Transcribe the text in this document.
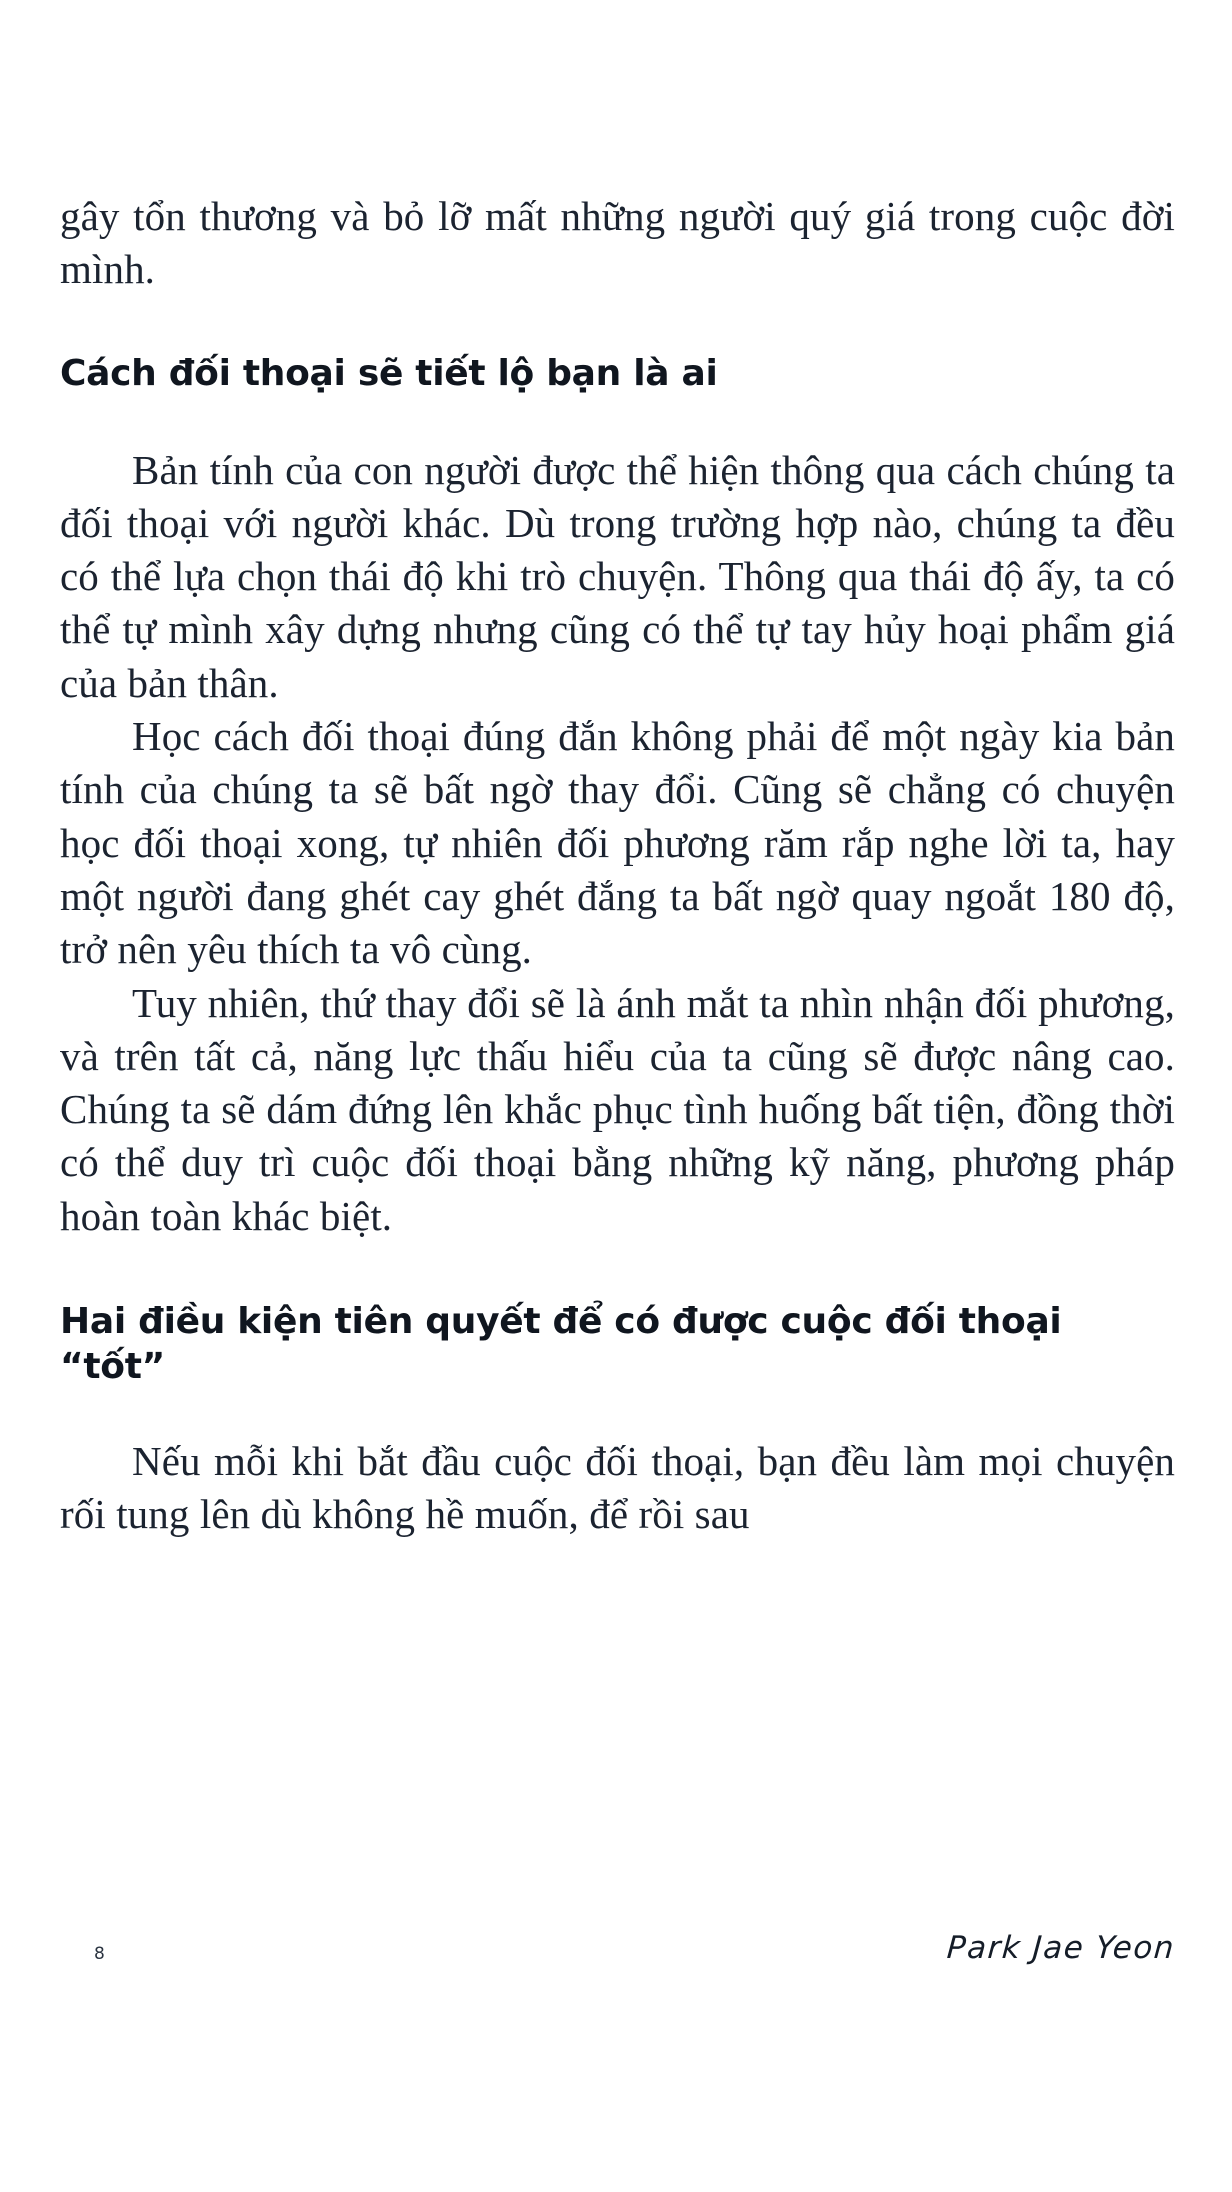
gây tổn thương và bỏ lỡ mất những người quý giá trong cuộc đời mình.

Cách đối thoại sẽ tiết lộ bạn là ai

Bản tính của con người được thể hiện thông qua cách chúng ta đối thoại với người khác. Dù trong trường hợp nào, chúng ta đều có thể lựa chọn thái độ khi trò chuyện. Thông qua thái độ ấy, ta có thể tự mình xây dựng nhưng cũng có thể tự tay hủy hoại phẩm giá của bản thân.

Học cách đối thoại đúng đắn không phải để một ngày kia bản tính của chúng ta sẽ bất ngờ thay đổi. Cũng sẽ chẳng có chuyện học đối thoại xong, tự nhiên đối phương răm rắp nghe lời ta, hay một người đang ghét cay ghét đắng ta bất ngờ quay ngoắt 180 độ, trở nên yêu thích ta vô cùng.

Tuy nhiên, thứ thay đổi sẽ là ánh mắt ta nhìn nhận đối phương, và trên tất cả, năng lực thấu hiểu của ta cũng sẽ được nâng cao. Chúng ta sẽ dám đứng lên khắc phục tình huống bất tiện, đồng thời có thể duy trì cuộc đối thoại bằng những kỹ năng, phương pháp hoàn toàn khác biệt.

Hai điều kiện tiên quyết để có được cuộc đối thoại “tốt”

Nếu mỗi khi bắt đầu cuộc đối thoại, bạn đều làm mọi chuyện rối tung lên dù không hề muốn, để rồi sau

8	Park Jae Yeon
